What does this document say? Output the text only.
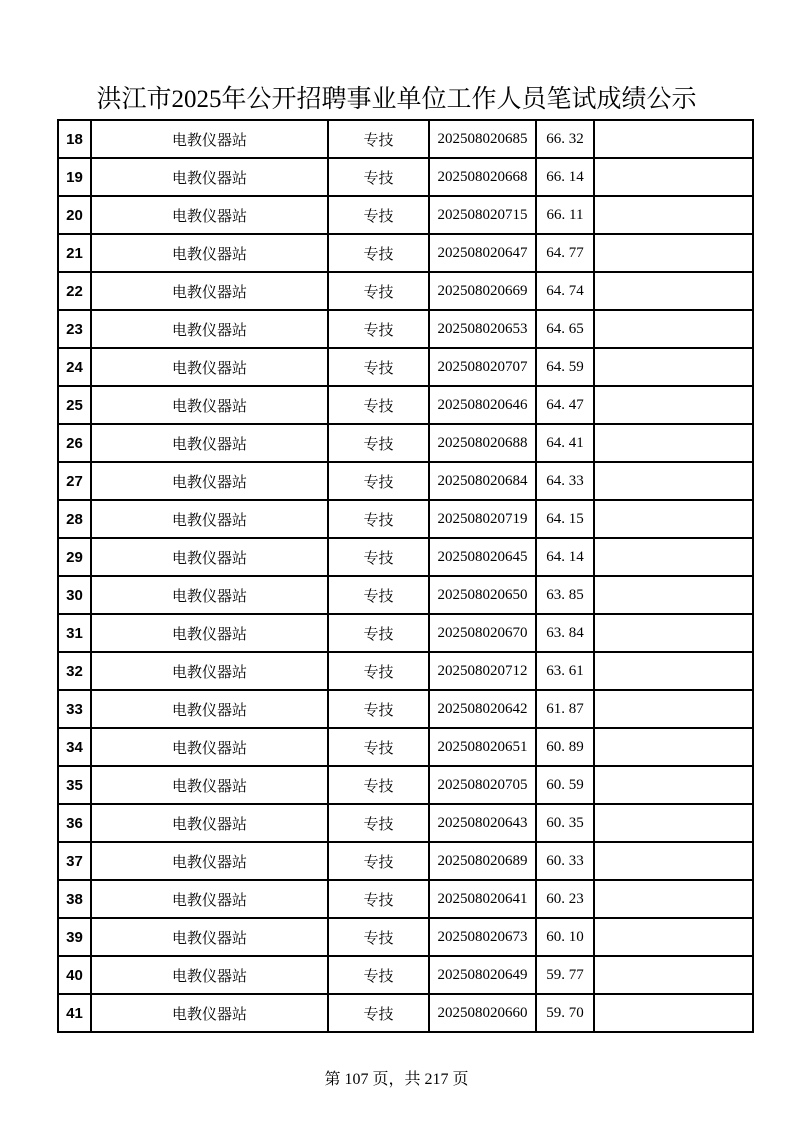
洪江市2025年公开招聘事业单位工作人员笔试成绩公示
18	电教仪器站	专技	202508020685	66. 32	
19	电教仪器站	专技	202508020668	66. 14	
20	电教仪器站	专技	202508020715	66. 11	
21	电教仪器站	专技	202508020647	64. 77	
22	电教仪器站	专技	202508020669	64. 74	
23	电教仪器站	专技	202508020653	64. 65	
24	电教仪器站	专技	202508020707	64. 59	
25	电教仪器站	专技	202508020646	64. 47	
26	电教仪器站	专技	202508020688	64. 41	
27	电教仪器站	专技	202508020684	64. 33	
28	电教仪器站	专技	202508020719	64. 15	
29	电教仪器站	专技	202508020645	64. 14	
30	电教仪器站	专技	202508020650	63. 85	
31	电教仪器站	专技	202508020670	63. 84	
32	电教仪器站	专技	202508020712	63. 61	
33	电教仪器站	专技	202508020642	61. 87	
34	电教仪器站	专技	202508020651	60. 89	
35	电教仪器站	专技	202508020705	60. 59	
36	电教仪器站	专技	202508020643	60. 35	
37	电教仪器站	专技	202508020689	60. 33	
38	电教仪器站	专技	202508020641	60. 23	
39	电教仪器站	专技	202508020673	60. 10	
40	电教仪器站	专技	202508020649	59. 77	
41	电教仪器站	专技	202508020660	59. 70	
第 107 页，共 217 页
